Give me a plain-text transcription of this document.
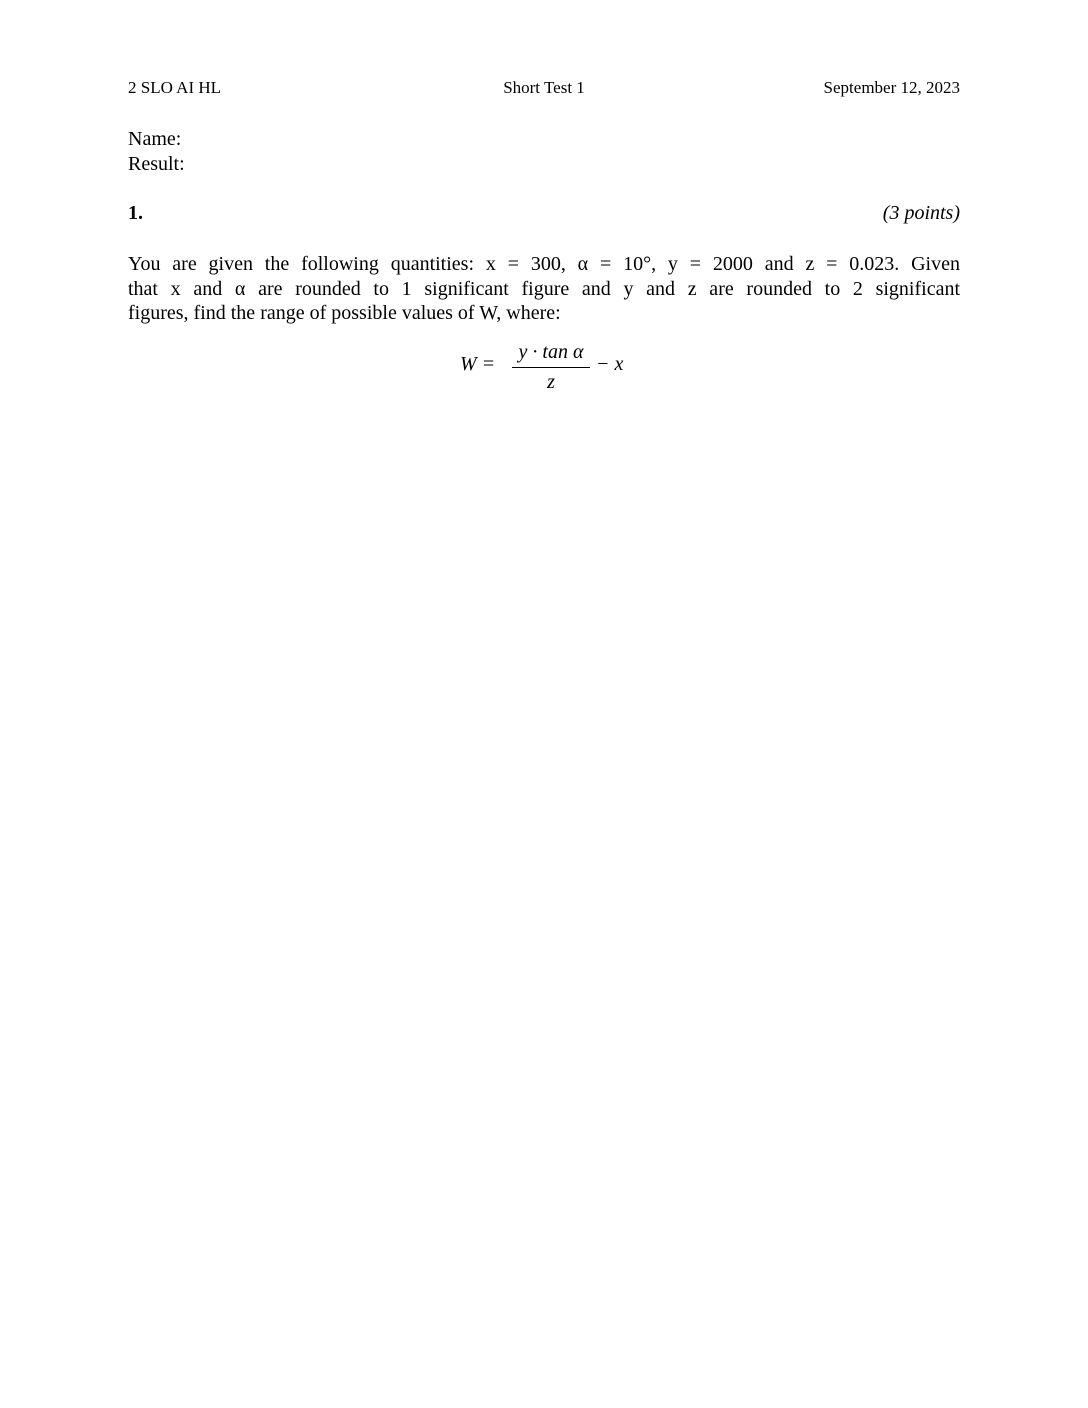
2 SLO AI HL	Short Test 1	September 12, 2023
Name:
Result:
1.	(3 points)
You are given the following quantities: x = 300, α = 10°, y = 2000 and z = 0.023. Given
that x and α are rounded to 1 significant figure and y and z are rounded to 2 significant
figures, find the range of possible values of W, where:
W =
y · tan α
z
− x
